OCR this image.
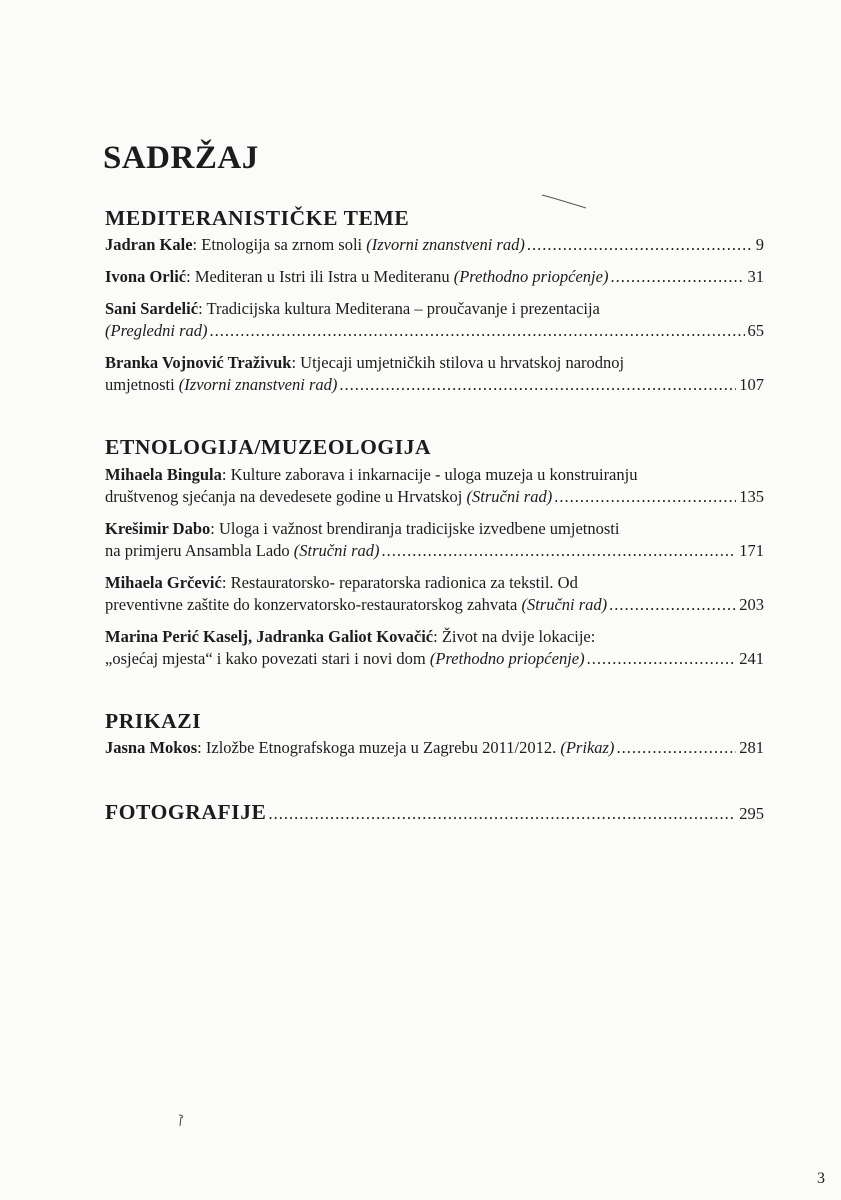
SADRŽAJ
MEDITERANISTIČKE TEME
Jadran Kale : Etnologija sa zrnom soli
(Izvorni znanstveni rad) .....	9
Ivona Orlić : Mediteran u Istri ili Istra u Mediteranu
(Prethodno priopćenje) .....	31
Sani Sardelić: Tradicijska kultura Mediterana – proučavanje i prezentacija
(Pregledni rad) .....	65
Branka Vojnović Traživuk: Utjecaji umjetničkih stilova u hrvatskoj narodnoj
umjetnosti
(Izvorni znanstveni rad) .....	107
ETNOLOGIJA/MUZEOLOGIJA
Mihaela Bingula: Kulture zaborava i inkarnacije - uloga muzeja u konstruiranju
društvenog sjećanja na devedesete godine u Hrvatskoj
(Stručni rad) .....	135
Krešimir Dabo: Uloga i važnost brendiranja tradicijske izvedbene umjetnosti
na primjeru Ansambla Lado
(Stručni rad) .....	171
Mihaela Grčević: Restauratorsko- reparatorska radionica za tekstil. Od
preventivne zaštite do konzervatorsko-restauratorskog zahvata
(Stručni rad) .....	203
Marina Perić Kaselj, Jadranka Galiot Kovačić: Život na dvije lokacije:
„osjećaj mjesta“ i kako povezati stari i novi dom
(Prethodno priopćenje) .....	241
PRIKAZI
Jasna Mokos : Izložbe Etnografskoga muzeja u Zagrebu 2011/2012.
(Prikaz) .....	281
FOTOGRAFIJE .....	295
3
